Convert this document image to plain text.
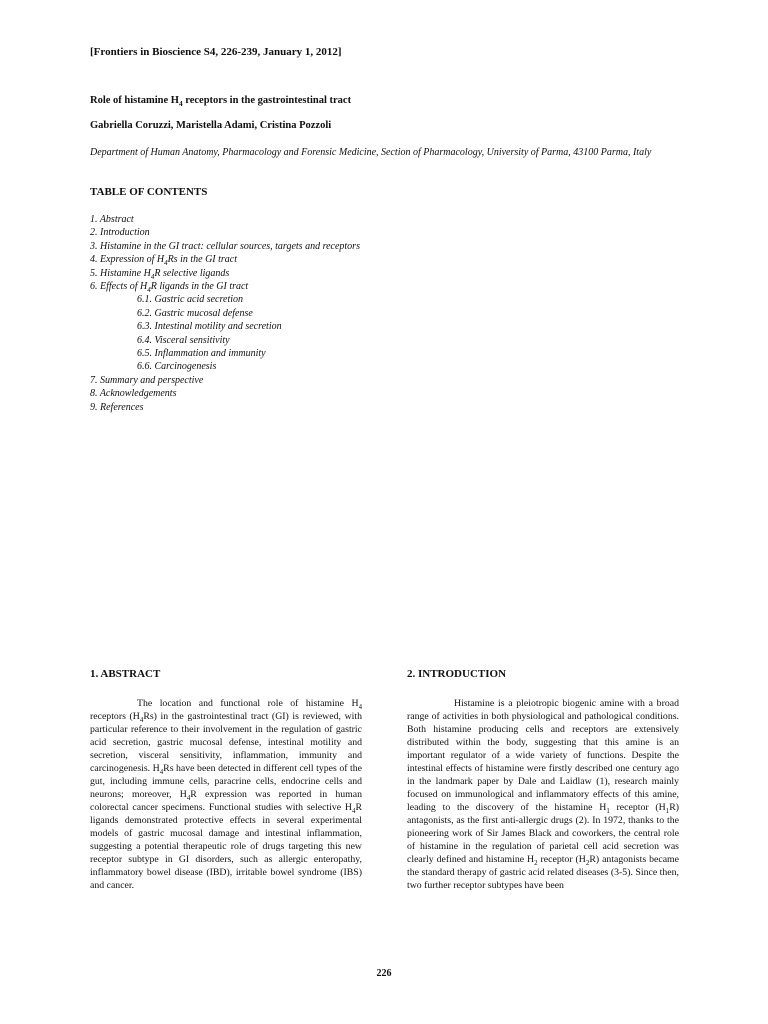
[Frontiers in Bioscience S4, 226-239, January 1, 2012]
Role of histamine $H_4$ receptors in the gastrointestinal tract
Gabriella Coruzzi, Maristella Adami, Cristina Pozzoli
Department of Human Anatomy, Pharmacology and Forensic Medicine, Section of Pharmacology, University of Parma, 43100 Parma, Italy
TABLE OF CONTENTS
1. Abstract
2. Introduction
3. Histamine in the GI tract: cellular sources, targets and receptors
4. Expression of $H_4Rs$ in the GI tract
5. Histamine $H_4R$ selective ligands
6. Effects of $H_4R$ ligands in the GI tract
6.1. Gastric acid secretion
6.2. Gastric mucosal defense
6.3. Intestinal motility and secretion
6.4. Visceral sensitivity
6.5. Inflammation and immunity
6.6. Carcinogenesis
7. Summary and perspective
8. Acknowledgements
9. References
1. ABSTRACT	2. INTRODUCTION

The location and functional role of histamine $H_4$ receptors $(H_4Rs)$ in the gastrointestinal tract (GI) is reviewed, with particular reference to their involvement in the regulation of gastric acid secretion, gastric mucosal defense, intestinal motility and secretion, visceral sensitivity, inflammation, immunity and carcinogenesis. $H_4Rs$ have been detected in different cell types of the gut, including immune cells, paracrine cells, endocrine cells and neurons; moreover, $H_4R$ expression was reported in human colorectal cancer specimens. Functional studies with selective $H_4R$ ligands demonstrated protective effects in several experimental models of gastric mucosal damage and intestinal inflammation, suggesting a potential therapeutic role of drugs targeting this new receptor subtype in GI disorders, such as allergic enteropathy, inflammatory bowel disease (IBD), irritable bowel syndrome (IBS) and cancer.

Histamine is a pleiotropic biogenic amine with a broad range of activities in both physiological and pathological conditions. Both histamine producing cells and receptors are extensively distributed within the body, suggesting that this amine is an important regulator of a wide variety of functions. Despite the intestinal effects of histamine were firstly described one century ago in the landmark paper by Dale and Laidlaw (1), research mainly focused on immunological and inflammatory effects of this amine, leading to the discovery of the histamine $H_1$ receptor $(H_1R)$ antagonists, as the first anti-allergic drugs (2). In 1972, thanks to the pioneering work of Sir James Black and coworkers, the central role of histamine in the regulation of parietal cell acid secretion was clearly defined and histamine $H_2$ receptor $(H_2R)$ antagonists became the standard therapy of gastric acid related diseases (3-5). Since then, two further receptor subtypes have been

226
